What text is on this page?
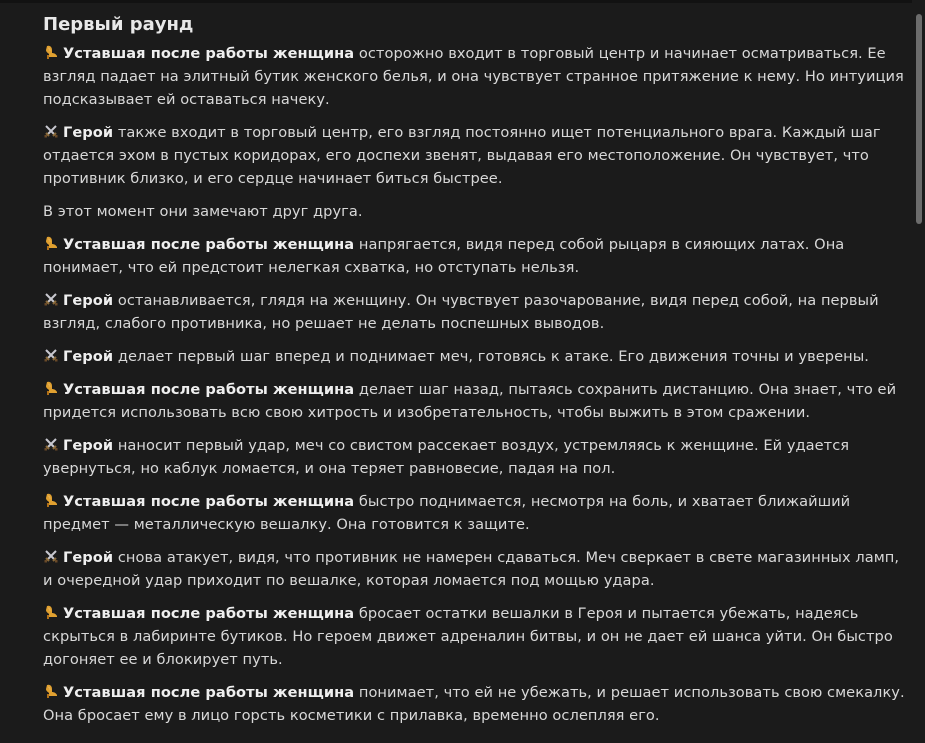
Первый раунд

Уставшая после работы женщина осторожно входит в торговый центр и начинает осматриваться. Ее взгляд падает на элитный бутик женского белья, и она чувствует странное притяжение к нему. Но интуиция подсказывает ей оставаться начеку.

Герой также входит в торговый центр, его взгляд постоянно ищет потенциального врага. Каждый шаг отдается эхом в пустых коридорах, его доспехи звенят, выдавая его местоположение. Он чувствует, что противник близко, и его сердце начинает биться быстрее.

В этот момент они замечают друг друга.

Уставшая после работы женщина напрягается, видя перед собой рыцаря в сияющих латах. Она понимает, что ей предстоит нелегкая схватка, но отступать нельзя.

Герой останавливается, глядя на женщину. Он чувствует разочарование, видя перед собой, на первый взгляд, слабого противника, но решает не делать поспешных выводов.

Герой делает первый шаг вперед и поднимает меч, готовясь к атаке. Его движения точны и уверены.

Уставшая после работы женщина делает шаг назад, пытаясь сохранить дистанцию. Она знает, что ей придется использовать всю свою хитрость и изобретательность, чтобы выжить в этом сражении.

Герой наносит первый удар, меч со свистом рассекает воздух, устремляясь к женщине. Ей удается увернуться, но каблук ломается, и она теряет равновесие, падая на пол.

Уставшая после работы женщина быстро поднимается, несмотря на боль, и хватает ближайший предмет — металлическую вешалку. Она готовится к защите.

Герой снова атакует, видя, что противник не намерен сдаваться. Меч сверкает в свете магазинных ламп, и очередной удар приходит по вешалке, которая ломается под мощью удара.

Уставшая после работы женщина бросает остатки вешалки в Героя и пытается убежать, надеясь скрыться в лабиринте бутиков. Но героем движет адреналин битвы, и он не дает ей шанса уйти. Он быстро догоняет ее и блокирует путь.

Уставшая после работы женщина понимает, что ей не убежать, и решает использовать свою смекалку. Она бросает ему в лицо горсть косметики с прилавка, временно ослепляя его.
